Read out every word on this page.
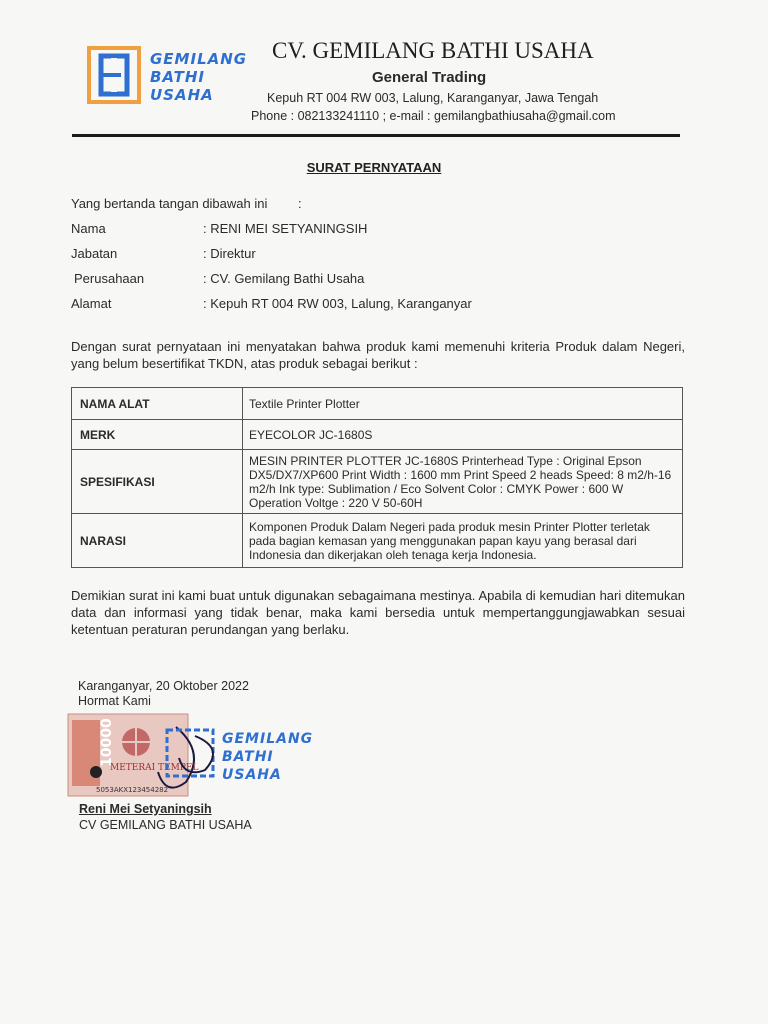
GEMILANG
BATHI
USAHA
CV. GEMILANG BATHI USAHA
General Trading
Kepuh RT 004 RW 003, Lalung, Karanganyar, Jawa Tengah
Phone : 082133241110 ; e-mail : gemilangbathiusaha@gmail.com
SURAT PERNYATAAN
Yang bertanda tangan dibawah ini :
Nama	: RENI MEI SETYANINGSIH
Jabatan	: Direktur
Perusahaan	: CV. Gemilang Bathi Usaha
Alamat	: Kepuh RT 004 RW 003, Lalung, Karanganyar
Dengan surat pernyataan ini menyatakan bahwa produk kami memenuhi kriteria Produk dalam Negeri, yang belum besertifikat TKDN, atas produk sebagai berikut :
NAMA ALAT	Textile Printer Plotter
MERK	EYECOLOR JC-1680S
SPESIFIKASI	MESIN PRINTER PLOTTER JC-1680S Printerhead Type : Original Epson DX5/DX7/XP600 Print Width : 1600 mm Print Speed 2 heads Speed: 8 m2/h-16 m2/h Ink type: Sublimation / Eco Solvent Color : CMYK Power : 600 W Operation Voltge : 220 V 50-60H
NARASI	Komponen Produk Dalam Negeri pada produk mesin Printer Plotter terletak pada bagian kemasan yang menggunakan papan kayu yang berasal dari Indonesia dan dikerjakan oleh tenaga kerja Indonesia.
Demikian surat ini kami buat untuk digunakan sebagaimana mestinya. Apabila di kemudian hari ditemukan data dan informasi yang tidak benar, maka kami bersedia untuk mempertanggungjawabkan sesuai ketentuan peraturan perundangan yang berlaku.
Karanganyar, 20 Oktober 2022
Hormat Kami
10000
METERAI TEMPEL
5053AKX123454282
GEMILANG
BATHI
USAHA
Reni Mei Setyaningsih
CV GEMILANG BATHI USAHA
